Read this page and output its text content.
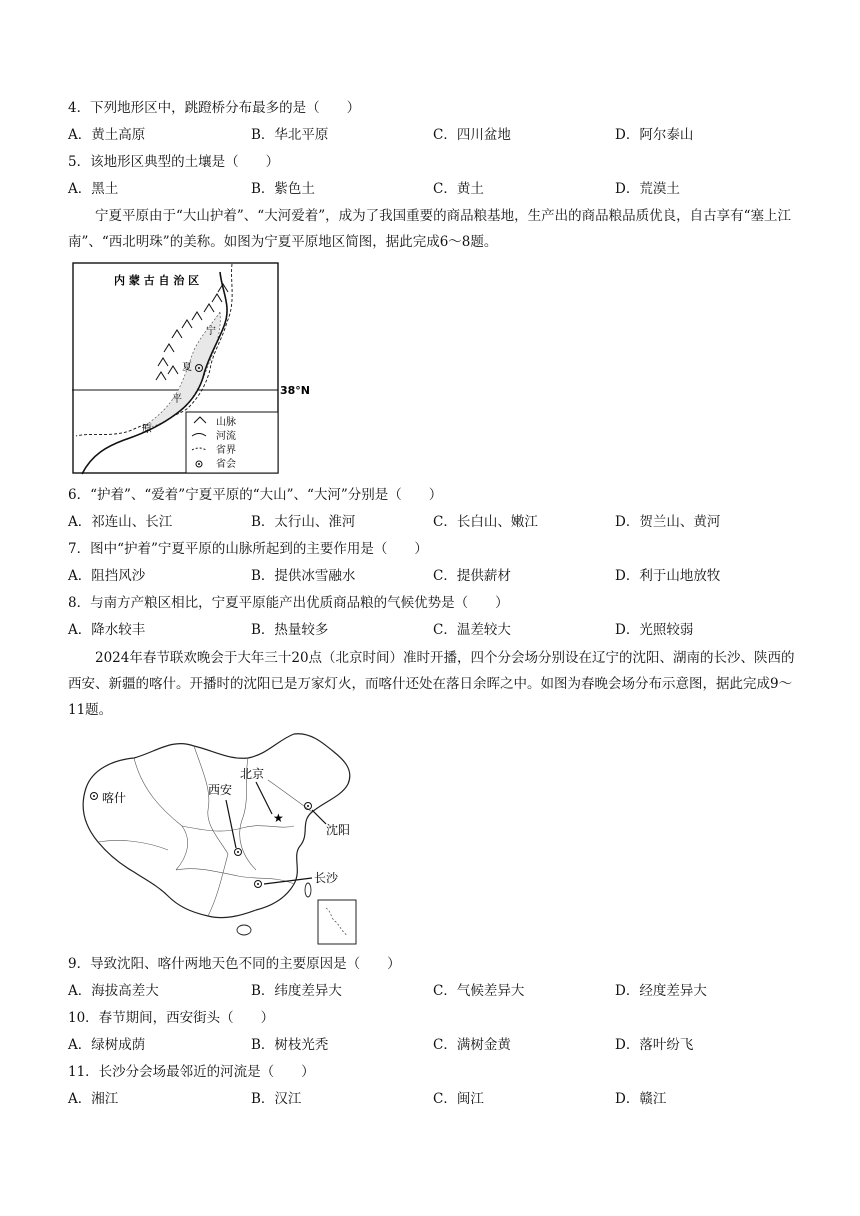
4．下列地形区中，跳蹬桥分布最多的是（　　）
A．黄土高原	B．华北平原	C．四川盆地	D．阿尔泰山
5．该地形区典型的土壤是（　　）
A．黑土	B．紫色土	C．黄土	D．荒漠土
宁夏平原由于“大山护着”、“大河爱着”，成为了我国重要的商品粮基地，生产出的商品粮品质优良，自古享有“塞上江南”、“西北明珠”的美称。如图为宁夏平原地区简图，据此完成6～8题。
内 蒙 古 自 治 区
38°N
宁
夏
平
原
山脉
河流
省界
省会
6．“护着”、“爱着”宁夏平原的“大山”、“大河”分别是（　　）
A．祁连山、长江	B．太行山、淮河	C．长白山、嫩江	D．贺兰山、黄河
7．图中“护着”宁夏平原的山脉所起到的主要作用是（　　）
A．阻挡风沙	B．提供冰雪融水	C．提供薪材	D．利于山地放牧
8．与南方产粮区相比，宁夏平原能产出优质商品粮的气候优势是（　　）
A．降水较丰	B．热量较多	C．温差较大	D．光照较弱
2024年春节联欢晚会于大年三十20点（北京时间）准时开播，四个分会场分别设在辽宁的沈阳、湖南的长沙、陕西的西安、新疆的喀什。开播时的沈阳已是万家灯火，而喀什还处在落日余晖之中。如图为春晚会场分布示意图，据此完成9～11题。
喀什
北京
★
西安
沈阳
长沙
9．导致沈阳、喀什两地天色不同的主要原因是（　　）
A．海拔高差大	B．纬度差异大	C．气候差异大	D．经度差异大
10．春节期间，西安街头（　　）
A．绿树成荫	B．树枝光秃	C．满树金黄	D．落叶纷飞
11．长沙分会场最邻近的河流是（　　）
A．湘江	B．汉江	C．闽江	D．赣江
